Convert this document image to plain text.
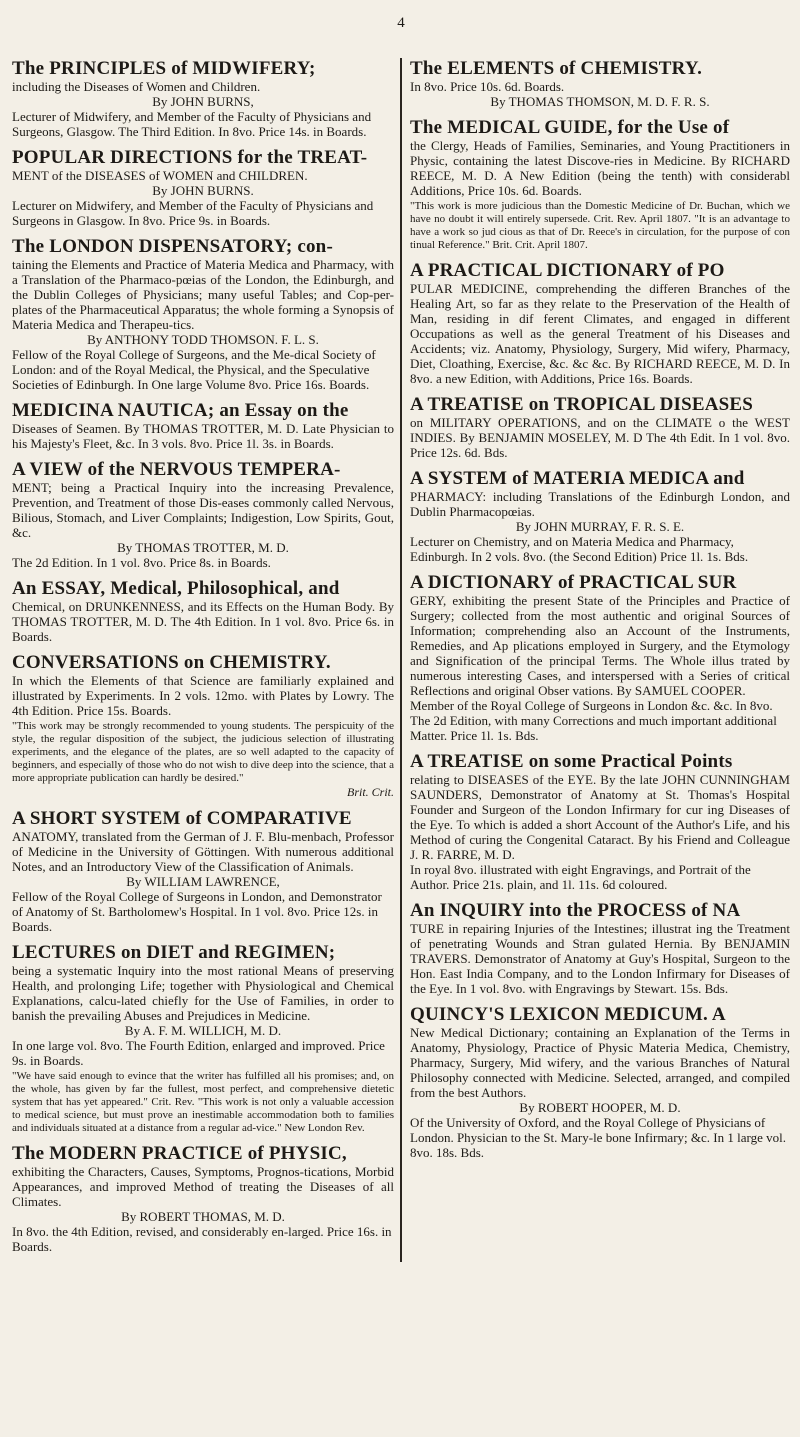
4
The PRINCIPLES of MIDWIFERY;
including the Diseases of Women and Children.
By JOHN BURNS,
Lecturer of Midwifery, and Member of the Faculty of Physicians and Surgeons, Glasgow. The Third Edition. In 8vo. Price 14s. in Boards.
POPULAR DIRECTIONS for the TREAT-
MENT of the DISEASES of WOMEN and CHILDREN.
By JOHN BURNS.
Lecturer on Midwifery, and Member of the Faculty of Physicians and Surgeons in Glasgow. In 8vo. Price 9s. in Boards.
The LONDON DISPENSATORY; con-
taining the Elements and Practice of Materia Medica and Pharmacy, with a Translation of the Pharmaco-pœias of the London, the Edinburgh, and the Dublin Colleges of Physicians; many useful Tables; and Cop-per-plates of the Pharmaceutical Apparatus; the whole forming a Synopsis of Materia Medica and Therapeu-tics.
By ANTHONY TODD THOMSON. F. L. S.
Fellow of the Royal College of Surgeons, and the Me-dical Society of London: and of the Royal Medical, the Physical, and the Speculative Societies of Edinburgh. In One large Volume 8vo. Price 16s. Boards.
MEDICINA NAUTICA; an Essay on the
Diseases of Seamen. By THOMAS TROTTER, M. D. Late Physician to his Majesty's Fleet, &c. In 3 vols. 8vo. Price 1l. 3s. in Boards.
A VIEW of the NERVOUS TEMPERA-
MENT; being a Practical Inquiry into the increasing Prevalence, Prevention, and Treatment of those Dis-eases commonly called Nervous, Bilious, Stomach, and Liver Complaints; Indigestion, Low Spirits, Gout, &c.
By THOMAS TROTTER, M. D.
The 2d Edition. In 1 vol. 8vo. Price 8s. in Boards.
An ESSAY, Medical, Philosophical, and
Chemical, on DRUNKENNESS, and its Effects on the Human Body. By THOMAS TROTTER, M. D. The 4th Edition. In 1 vol. 8vo. Price 6s. in Boards.
CONVERSATIONS on CHEMISTRY.
In which the Elements of that Science are familiarly explained and illustrated by Experiments. In 2 vols. 12mo. with Plates by Lowry. The 4th Edition. Price 15s. Boards.
"This work may be strongly recommended to young students. The perspicuity of the style, the regular disposition of the subject, the judicious selection of illustrating experiments, and the elegance of the plates, are so well adapted to the capacity of beginners, and especially of those who do not wish to dive deep into the science, that a more appropriate publication can hardly be desired."
Brit. Crit.
A SHORT SYSTEM of COMPARATIVE
ANATOMY, translated from the German of J. F. Blu-menbach, Professor of Medicine in the University of Göttingen. With numerous additional Notes, and an Introductory View of the Classification of Animals.
By WILLIAM LAWRENCE,
Fellow of the Royal College of Surgeons in London, and Demonstrator of Anatomy of St. Bartholomew's Hospital. In 1 vol. 8vo. Price 12s. in Boards.
LECTURES on DIET and REGIMEN;
being a systematic Inquiry into the most rational Means of preserving Health, and prolonging Life; together with Physiological and Chemical Explanations, calcu-lated chiefly for the Use of Families, in order to banish the prevailing Abuses and Prejudices in Medicine.
By A. F. M. WILLICH, M. D.
In one large vol. 8vo. The Fourth Edition, enlarged and improved. Price 9s. in Boards.
"We have said enough to evince that the writer has fulfilled all his promises; and, on the whole, has given by far the fullest, most perfect, and comprehensive dietetic system that has yet appeared." Crit. Rev. "This work is not only a valuable accession to medical science, but must prove an inestimable accommodation both to families and individuals situated at a distance from a regular ad-vice." New London Rev.
The MODERN PRACTICE of PHYSIC,
exhibiting the Characters, Causes, Symptoms, Prognos-tications, Morbid Appearances, and improved Method of treating the Diseases of all Climates.
By ROBERT THOMAS, M. D.
In 8vo. the 4th Edition, revised, and considerably en-larged. Price 16s. in Boards.
The ELEMENTS of CHEMISTRY.
In 8vo. Price 10s. 6d. Boards.
By THOMAS THOMSON, M. D. F. R. S.
The MEDICAL GUIDE, for the Use of
the Clergy, Heads of Families, Seminaries, and Young Practitioners in Physic, containing the latest Discove-ries in Medicine. By RICHARD REECE, M. D. A New Edition (being the tenth) with considerabl Additions, Price 10s. 6d. Boards.
"This work is more judicious than the Domestic Medicine of Dr. Buchan, which we have no doubt it will entirely supersede. Crit. Rev. April 1807. "It is an advantage to have a work so jud cious as that of Dr. Reece's in circulation, for the purpose of con tinual Reference." Brit. Crit. April 1807.
A PRACTICAL DICTIONARY of PO
PULAR MEDICINE, comprehending the differen Branches of the Healing Art, so far as they relate to the Preservation of the Health of Man, residing in dif ferent Climates, and engaged in different Occupations as well as the general Treatment of his Diseases and Accidents; viz. Anatomy, Physiology, Surgery, Mid wifery, Pharmacy, Diet, Cloathing, Exercise, &c. &c &c. By RICHARD REECE, M. D. In 8vo. a new Edition, with Additions, Price 16s. Boards.
A TREATISE on TROPICAL DISEASES
on MILITARY OPERATIONS, and on the CLIMATE o the WEST INDIES. By BENJAMIN MOSELEY, M. D The 4th Edit. In 1 vol. 8vo. Price 12s. 6d. Bds.
A SYSTEM of MATERIA MEDICA and
PHARMACY: including Translations of the Edinburgh London, and Dublin Pharmacopœias.
By JOHN MURRAY, F. R. S. E.
Lecturer on Chemistry, and on Materia Medica and Pharmacy, Edinburgh. In 2 vols. 8vo. (the Second Edition) Price 1l. 1s. Bds.
A DICTIONARY of PRACTICAL SUR
GERY, exhibiting the present State of the Principles and Practice of Surgery; collected from the most authentic and original Sources of Information; comprehending also an Account of the Instruments, Remedies, and Ap plications employed in Surgery, and the Etymology and Signification of the principal Terms. The Whole illus trated by numerous interesting Cases, and interspersed with a Series of critical Reflections and original Obser vations. By SAMUEL COOPER.
Member of the Royal College of Surgeons in London &c. &c. In 8vo. The 2d Edition, with many Corrections and much important additional Matter. Price 1l. 1s. Bds.
A TREATISE on some Practical Points
relating to DISEASES of the EYE. By the late JOHN CUNNINGHAM SAUNDERS, Demonstrator of Anatomy at St. Thomas's Hospital Founder and Surgeon of the London Infirmary for cur ing Diseases of the Eye. To which is added a short Account of the Author's Life, and his Method of curing the Congenital Cataract. By his Friend and Colleague J. R. FARRE, M. D.
In royal 8vo. illustrated with eight Engravings, and Portrait of the Author. Price 21s. plain, and 1l. 11s. 6d coloured.
An INQUIRY into the PROCESS of NA
TURE in repairing Injuries of the Intestines; illustrat ing the Treatment of penetrating Wounds and Stran gulated Hernia. By BENJAMIN TRAVERS. Demonstrator of Anatomy at Guy's Hospital, Surgeon to the Hon. East India Company, and to the London Infirmary for Diseases of the Eye. In 1 vol. 8vo. with Engravings by Stewart. 15s. Bds.
QUINCY'S LEXICON MEDICUM. A
New Medical Dictionary; containing an Explanation of the Terms in Anatomy, Physiology, Practice of Physic Materia Medica, Chemistry, Pharmacy, Surgery, Mid wifery, and the various Branches of Natural Philosophy connected with Medicine. Selected, arranged, and compiled from the best Authors.
By ROBERT HOOPER, M. D.
Of the University of Oxford, and the Royal College of Physicians of London. Physician to the St. Mary-le bone Infirmary; &c. In 1 large vol. 8vo. 18s. Bds.
